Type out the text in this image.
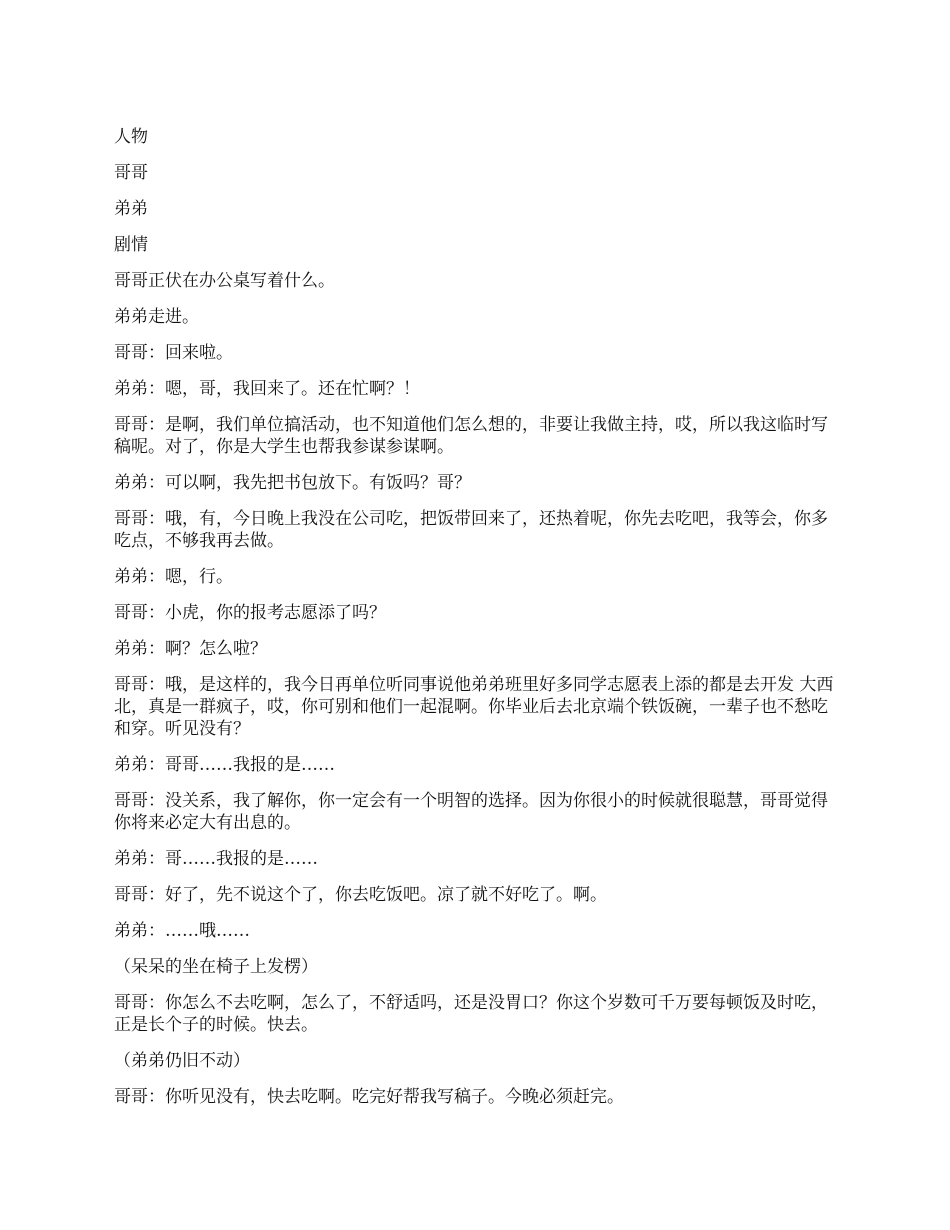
人物

哥哥

弟弟

剧情

哥哥正伏在办公桌写着什么。

弟弟走进。

哥哥：回来啦。

弟弟：嗯，哥，我回来了。还在忙啊？！

哥哥：是啊，我们单位搞活动，也不知道他们怎么想的，非要让我做主持，哎，所以我这临时写稿呢。对了，你是大学生也帮我参谋参谋啊。

弟弟：可以啊，我先把书包放下。有饭吗？哥？

哥哥：哦，有，今日晚上我没在公司吃，把饭带回来了，还热着呢，你先去吃吧，我等会，你多吃点，不够我再去做。

弟弟：嗯，行。

哥哥：小虎，你的报考志愿添了吗？

弟弟：啊？怎么啦？

哥哥：哦，是这样的，我今日再单位听同事说他弟弟班里好多同学志愿表上添的都是去开发 大西北，真是一群疯子，哎，你可别和他们一起混啊。你毕业后去北京端个铁饭碗，一辈子也不愁吃和穿。听见没有？

弟弟：哥哥……我报的是……

哥哥：没关系，我了解你，你一定会有一个明智的选择。因为你很小的时候就很聪慧，哥哥觉得你将来必定大有出息的。

弟弟：哥……我报的是……

哥哥：好了，先不说这个了，你去吃饭吧。凉了就不好吃了。啊。

弟弟：……哦……

（呆呆的坐在椅子上发楞）

哥哥：你怎么不去吃啊，怎么了，不舒适吗，还是没胃口？你这个岁数可千万要每顿饭及时吃，正是长个子的时候。快去。

（弟弟仍旧不动）

哥哥：你听见没有，快去吃啊。吃完好帮我写稿子。今晚必须赶完。
